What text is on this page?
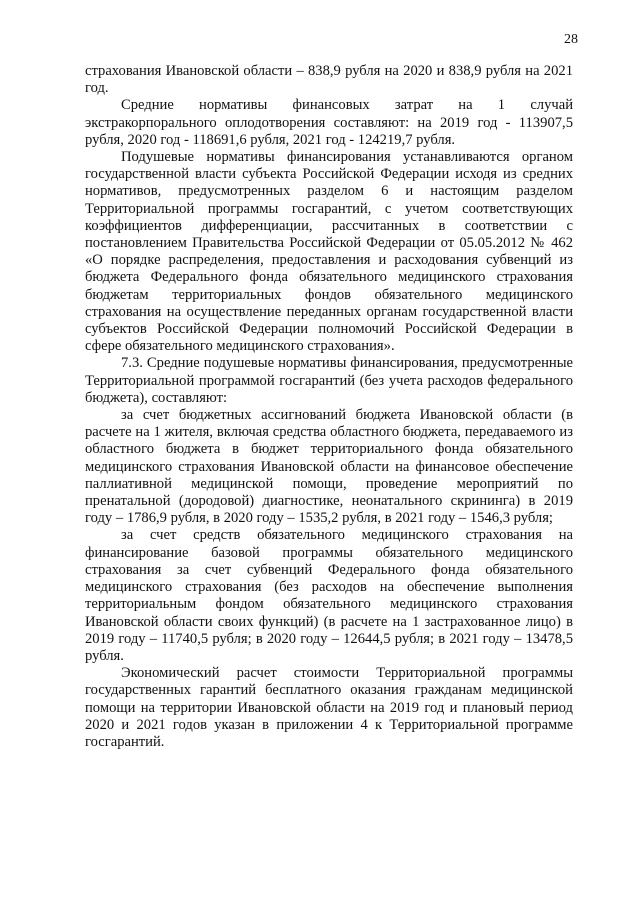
28

страхования Ивановской области – 838,9 рубля на 2020 и 838,9 рубля на 2021 год.

Средние нормативы финансовых затрат на 1 случай экстракорпорального оплодотворения составляют: на 2019 год - 113907,5 рубля, 2020 год - 118691,6 рубля, 2021 год - 124219,7 рубля.

Подушевые нормативы финансирования устанавливаются органом государственной власти субъекта Российской Федерации исходя из средних нормативов, предусмотренных разделом 6 и настоящим разделом Территориальной программы госгарантий, с учетом соответствующих коэффициентов дифференциации, рассчитанных в соответствии с постановлением Правительства Российской Федерации от 05.05.2012 № 462 «О порядке распределения, предоставления и расходования субвенций из бюджета Федерального фонда обязательного медицинского страхования бюджетам территориальных фондов обязательного медицинского страхования на осуществление переданных органам государственной власти субъектов Российской Федерации полномочий Российской Федерации в сфере обязательного медицинского страхования».

7.3. Средние подушевые нормативы финансирования, предусмотренные Территориальной программой госгарантий (без учета расходов федерального бюджета), составляют:

за счет бюджетных ассигнований бюджета Ивановской области (в расчете на 1 жителя, включая средства областного бюджета, передаваемого из областного бюджета в бюджет территориального фонда обязательного медицинского страхования Ивановской области на финансовое обеспечение паллиативной медицинской помощи, проведение мероприятий по пренатальной (дородовой) диагностике, неонатального скрининга) в 2019 году – 1786,9 рубля, в 2020 году – 1535,2 рубля, в 2021 году – 1546,3 рубля;

за счет средств обязательного медицинского страхования на финансирование базовой программы обязательного медицинского страхования за счет субвенций Федерального фонда обязательного медицинского страхования (без расходов на обеспечение выполнения территориальным фондом обязательного медицинского страхования Ивановской области своих функций) (в расчете на 1 застрахованное лицо) в 2019 году – 11740,5 рубля; в 2020 году – 12644,5 рубля; в 2021 году – 13478,5 рубля.

Экономический расчет стоимости Территориальной программы государственных гарантий бесплатного оказания гражданам медицинской помощи на территории Ивановской области на 2019 год и плановый период 2020 и 2021 годов указан в приложении 4 к Территориальной программе госгарантий.
